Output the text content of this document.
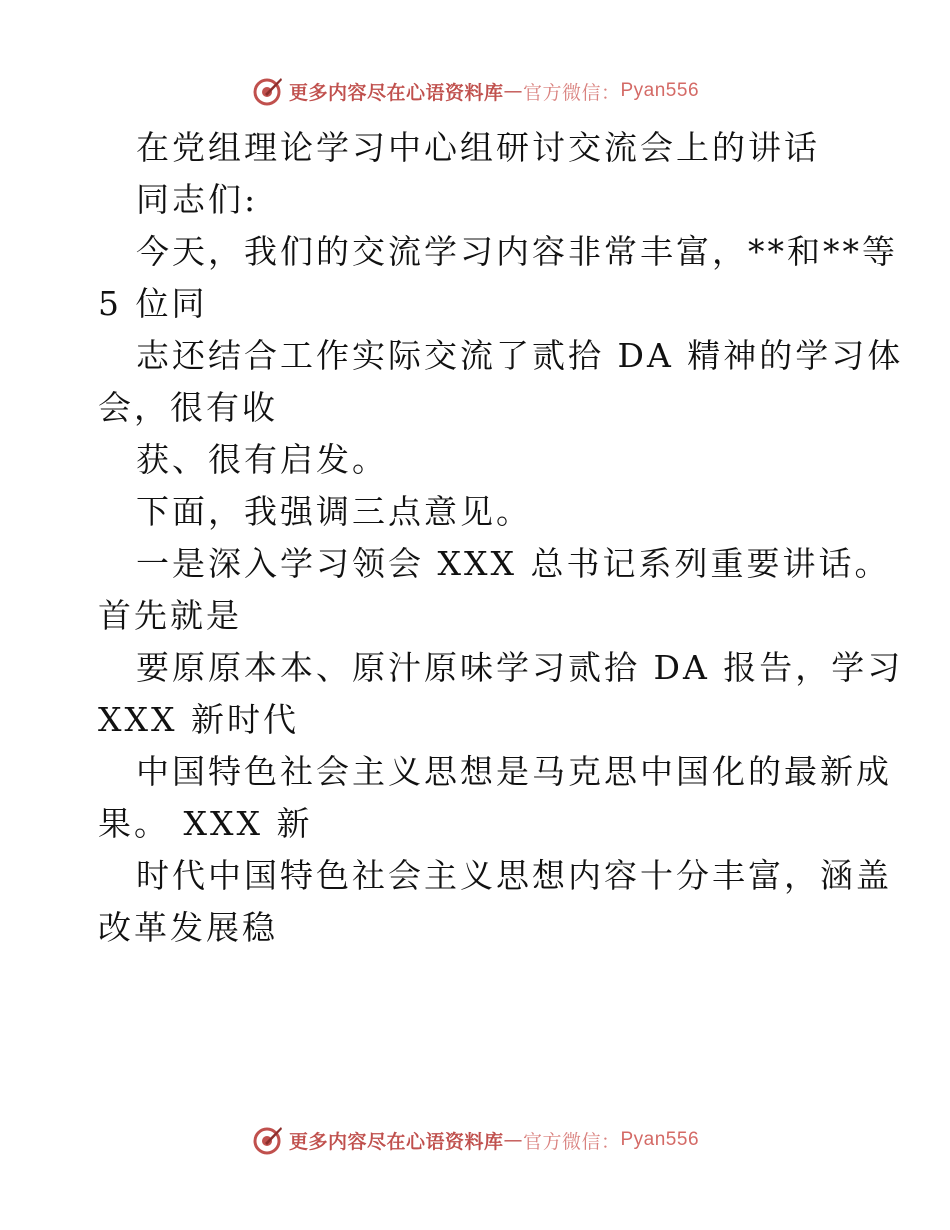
更多内容尽在心语资料库 — 官方微信： Pyan556
在党组理论学习中心组研讨交流会上的讲话
同志们:
今天，我们的交流学习内容非常丰富，**和**等
5 位同
志还结合工作实际交流了贰拾 DA 精神的学习体
会，很有收
获、很有启发。
下面，我强调三点意见。
一是深入学习领会 XXX 总书记系列重要讲话。
首先就是
要原原本本、原汁原味学习贰拾 DA 报告，学习
XXX 新时代
中国特色社会主义思想是马克思中国化的最新成
果。 XXX 新
时代中国特色社会主义思想内容十分丰富，涵盖
改革发展稳
更多内容尽在心语资料库 — 官方微信： Pyan556
